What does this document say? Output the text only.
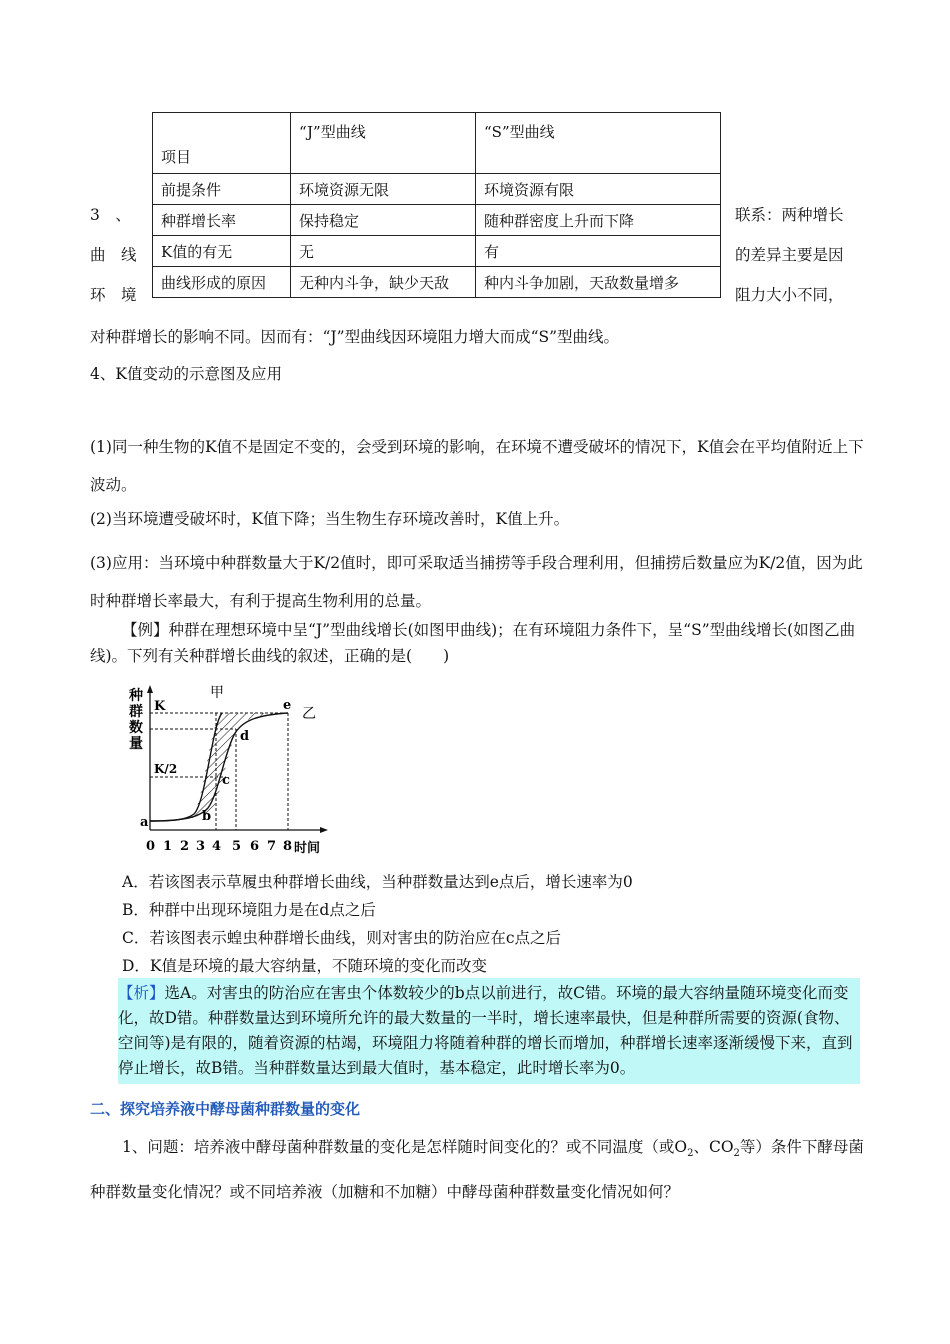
项目	“J”型曲线	“S”型曲线
前提条件	环境资源无限	环境资源有限
种群增长率	保持稳定	随种群密度上升而下降
K值的有无	无	有
曲线形成的原因	无种内斗争，缺少天敌	种内斗争加剧，天敌数量增多
3　、
曲　线
环　境
联系：两种增长
的差异主要是因
阻力大小不同，
对种群增长的影响不同。因而有：“J”型曲线因环境阻力增大而成“S”型曲线。
4、K值变动的示意图及应用
(1)同一种生物的K值不是固定不变的，会受到环境的影响，在环境不遭受破坏的情况下，K值会在平均值附近上下波动。
(2)当环境遭受破坏时，K值下降；当生物生存环境改善时，K值上升。
(3)应用：当环境中种群数量大于K/2值时，即可采取适当捕捞等手段合理利用，但捕捞后数量应为K/2值，因为此时种群增长率最大，有利于提高生物利用的总量。
【例】种群在理想环境中呈“J”型曲线增长(如图甲曲线)；在有环境阻力条件下，呈“S”型曲线增长(如图乙曲线)。下列有关种群增长曲线的叙述，正确的是(　　)
种
群
数
量
K
K/2
甲
乙
a	b
c
d
e
0 1 2 3 4 5 6 7 8 时间
A．若该图表示草履虫种群增长曲线，当种群数量达到e点后，增长速率为0
B．种群中出现环境阻力是在d点之后
C．若该图表示蝗虫种群增长曲线，则对害虫的防治应在c点之后
D．K值是环境的最大容纳量，不随环境的变化而改变
【析】选A。对害虫的防治应在害虫个体数较少的b点以前进行，故C错。环境的最大容纳量随环境变化而变化，故D错。种群数量达到环境所允许的最大数量的一半时，增长速率最快，但是种群所需要的资源(食物、空间等)是有限的，随着资源的枯竭，环境阻力将随着种群的增长而增加，种群增长速率逐渐缓慢下来，直到停止增长，故B错。当种群数量达到最大值时，基本稳定，此时增长率为0。
二、探究培养液中酵母菌种群数量的变化
1、问题：培养液中酵母菌种群数量的变化是怎样随时间变化的？或不同温度（或$O_2$、$CO_2$等）条件下酵母菌种群数量变化情况？或不同培养液（加糖和不加糖）中酵母菌种群数量变化情况如何？
